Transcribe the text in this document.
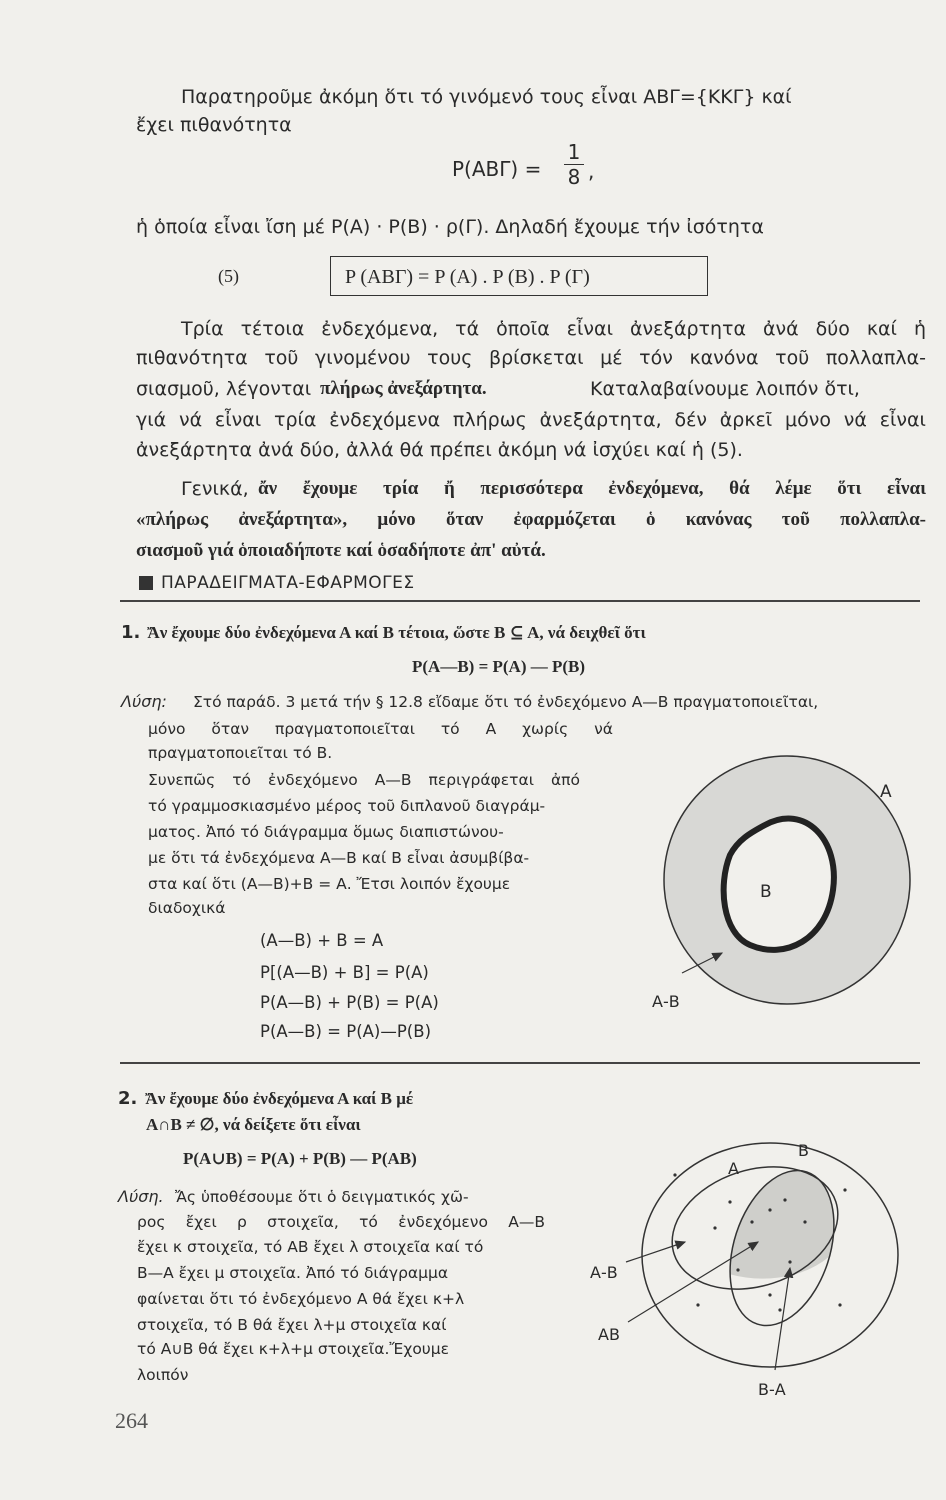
Παρατηροῦμε ἀκόμη ὅτι τό γινόμενό τους εἶναι ΑΒΓ={ΚΚΓ} καί
ἔχει πιθανότητα
P(ΑΒΓ) =
1
8 ,
ἡ ὁποία εἶναι ἴση μέ P(Α) · P(Β) · ρ(Γ). Δηλαδή ἔχουμε τήν ἰσότητα
(5)	P (ΑΒΓ) = P (Α) . P (Β) . P (Γ)
Τρία τέτοια ἐνδεχόμενα, τά ὁποῖα εἶναι ἀνεξάρτητα ἀνά δύο καί ἡ
πιθανότητα τοῦ γινομένου τους βρίσκεται μέ τόν κανόνα τοῦ πολλαπλα-
σιασμοῦ, λέγονται πλήρως ἀνεξάρτητα.	Καταλαβαίνουμε λοιπόν ὅτι,
γιά νά εἶναι τρία ἐνδεχόμενα πλήρως ἀνεξάρτητα, δέν ἀρκεῖ μόνο νά εἶναι
ἀνεξάρτητα ἀνά δύο, ἀλλά θά πρέπει ἀκόμη νά ἰσχύει καί ἡ (5).
Γενικά, ἄν ἔχουμε τρία ἤ περισσότερα ἐνδεχόμενα, θά λέμε ὅτι εἶναι
«πλήρως ἀνεξάρτητα», μόνο ὅταν ἐφαρμόζεται ὁ κανόνας τοῦ πολλαπλα-
σιασμοῦ γιά ὁποιαδήποτε καί ὁσαδήποτε ἀπ' αὐτά.
ΠΑΡΑΔΕΙΓΜΑΤΑ-ΕΦΑΡΜΟΓΕΣ
1. Ἄν ἔχουμε δύο ἐνδεχόμενα Α καί Β τέτοια, ὥστε Β ⊆ Α, νά δειχθεῖ ὅτι
P(Α—Β) = P(Α) — P(Β)
Λύση: Στό παράδ. 3 μετά τήν § 12.8 εἴδαμε ὅτι τό ἐνδεχόμενο Α—Β πραγματοποιεῖται,
μόνο ὅταν πραγματοποιεῖται τό Α χωρίς νά
πραγματοποιεῖται τό Β.
Συνεπῶς τό ἐνδεχόμενο Α—Β περιγράφεται ἀπό
τό γραμμοσκιασμένο μέρος τοῦ διπλανοῦ διαγράμ-
ματος. Ἀπό τό διάγραμμα ὅμως διαπιστώνου-
με ὅτι τά ἐνδεχόμενα Α—Β καί Β εἶναι ἀσυμβίβα-
στα καί ὅτι (Α—Β)+Β = Α. Ἔτσι λοιπόν ἔχουμε
διαδοχικά
(Α—Β) + Β = Α
P[(Α—Β) + Β] = P(Α)
P(Α—Β) + P(Β) = P(Α)
P(Α—Β) = P(Α)—P(Β)
Α
Β
Α-Β
2. Ἄν ἔχουμε δύο ἐνδεχόμενα Α καί Β μέ
Α∩Β ≠ ∅, νά δείξετε ὅτι εἶναι
P(Α∪Β) = P(Α) + P(Β) — P(ΑΒ)
Λύση. Ἄς ὑποθέσουμε ὅτι ὁ δειγματικός χῶ-
ρος ἔχει ρ στοιχεῖα, τό ἐνδεχόμενο Α—Β
ἔχει κ στοιχεῖα, τό ΑΒ ἔχει λ στοιχεῖα καί τό
Β—Α ἔχει μ στοιχεῖα. Ἀπό τό διάγραμμα
φαίνεται ὅτι τό ἐνδεχόμενο Α θά ἔχει κ+λ
στοιχεῖα, τό Β θά ἔχει λ+μ στοιχεῖα καί
τό Α∪Β θά ἔχει κ+λ+μ στοιχεῖα.Ἔχουμε
λοιπόν
Α
Β
Α-Β
ΑΒ
Β-Α
264
